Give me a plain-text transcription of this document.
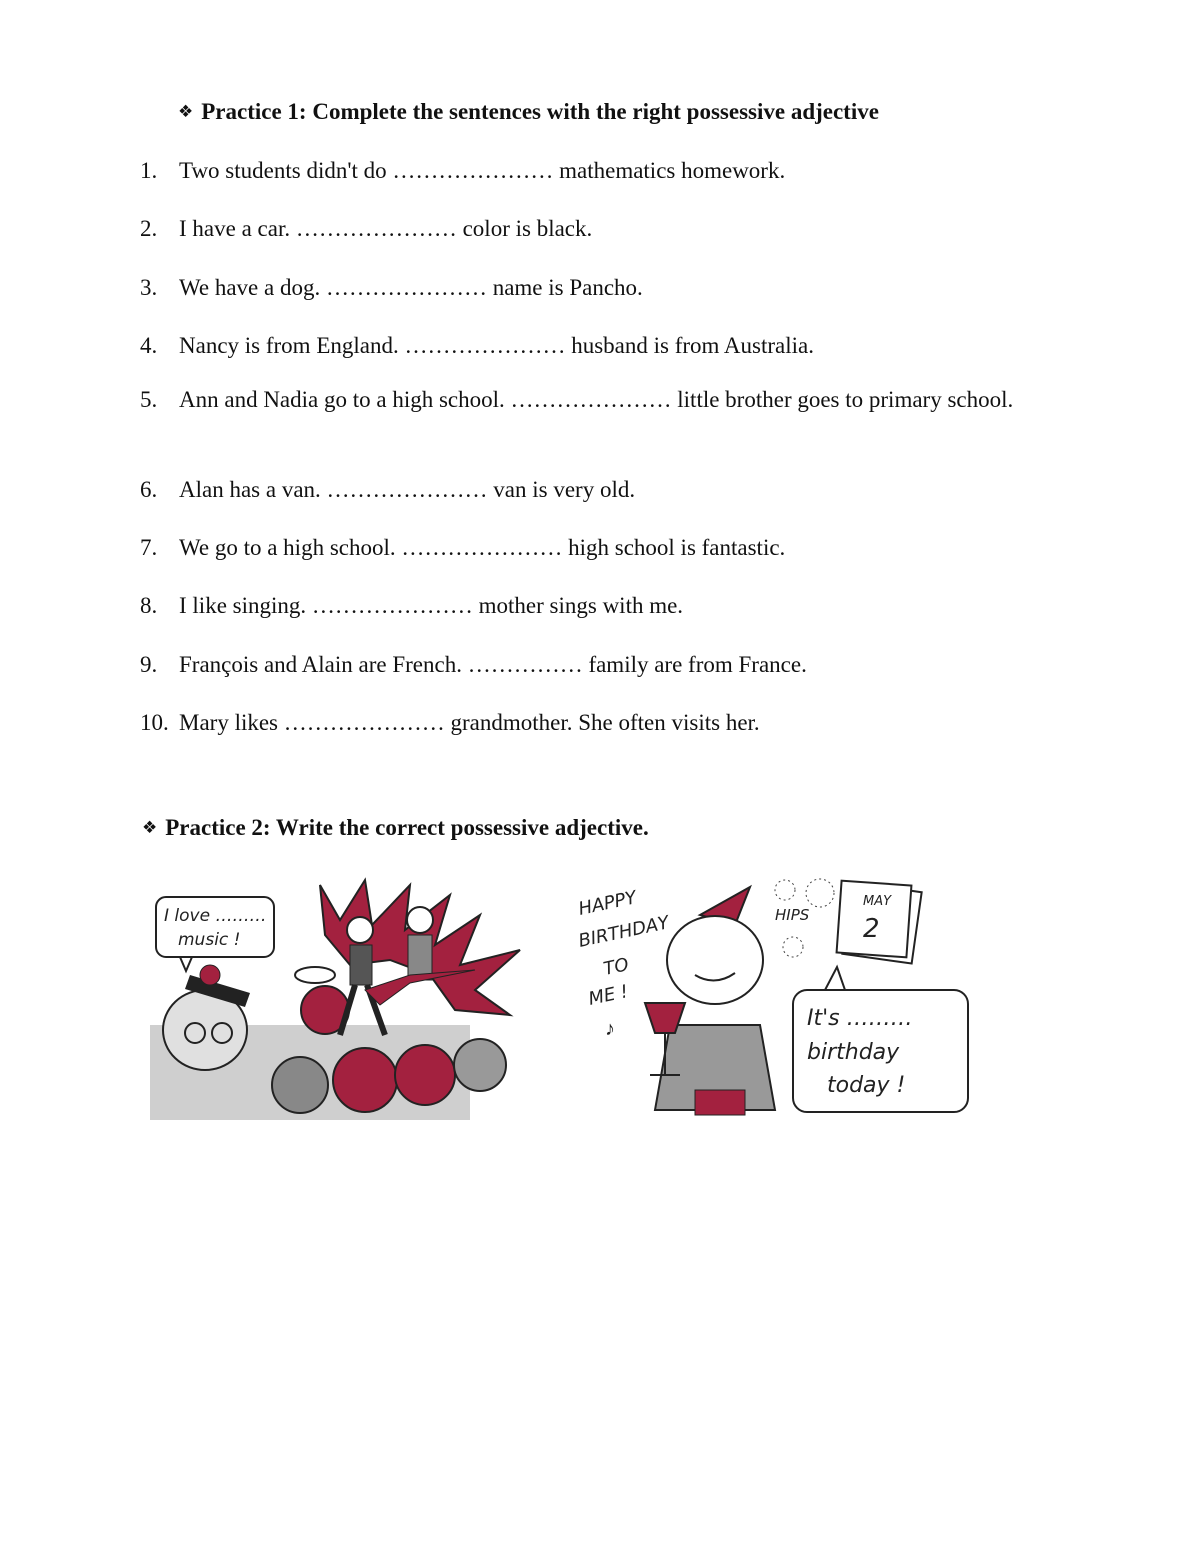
❖ Practice 1: Complete the sentences with the right possessive adjective
1. Two students didn't do ………………… mathematics homework.
2. I have a car. ………………… color is black.
3. We have a dog. ………………… name is Pancho.
4. Nancy is from England. ………………… husband is from Australia.
5. Ann and Nadia go to a high school. ………………… little brother goes to primary school.
6. Alan has a van. ………………… van is very old.
7. We go to a high school. ………………… high school is fantastic.
8. I like singing. ………………… mother sings with me.
9. François and Alain are French. …………… family are from France.
10. Mary likes ………………… grandmother. She often visits her.
❖ Practice 2: Write the correct possessive adjective.
I love ………
music !
HAPPY
BIRTHDAY
TO
ME !
HIPS
MAY
2
♪	It's ………
birthday
today !
